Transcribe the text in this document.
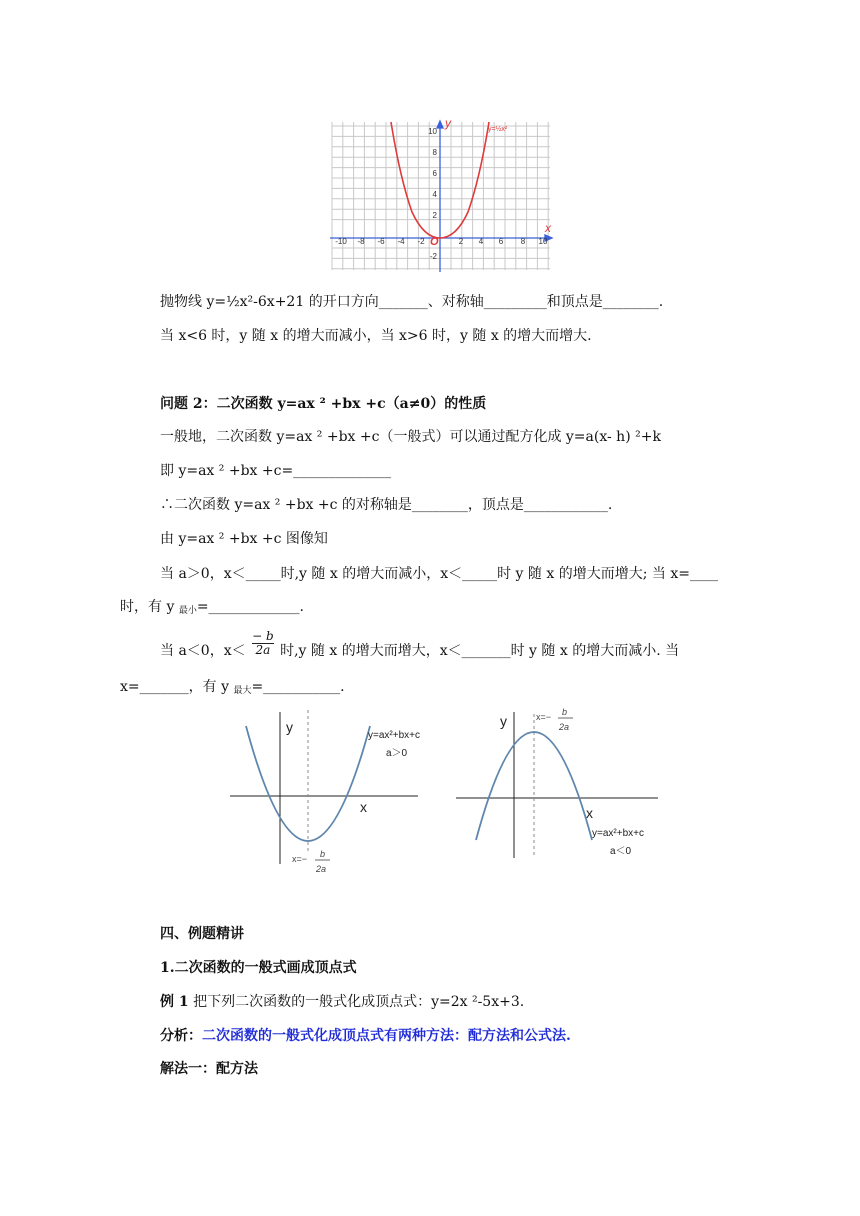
x
y
O
-10 -8 -6 -4 -2	2 4 6 8 10
10
8
6
4
2
-2
y=½x²
抛物线 y=½x²-6x+21 的开口方向_______、对称轴_________和顶点是________.
当 x<6 时，y 随 x 的增大而减小，当 x>6 时，y 随 x 的增大而增大.
问题 2：二次函数 y=ax ² +bx +c（a≠0）的性质
一般地，二次函数 y=ax ² +bx +c（一般式）可以通过配方化成 y=a(x- h) ²+k
即 y=ax ² +bx +c=______________
∴二次函数 y=ax ² +bx +c 的对称轴是________，顶点是____________.
由 y=ax ² +bx +c 图像知
当 a＞0，x＜_____时,y 随 x 的增大而减小，x＜_____时 y 随 x 的增大而增大; 当 x=____
时，有 y $_{最小}$=_____________.
当 a＜0，$x< \frac{- b}{2a}$ 时,y 随 x 的增大而增大，x＜_______时 y 随 x 的增大而减小. 当
x=_______，有 y $_{最大}$=___________.
y
x
y=ax²+bx+c
a＞0
x=− b
2a
y
x
y=ax²+bx+c
a＜0
x=− b
2a
四、例题精讲
1.二次函数的一般式画成顶点式
例 1 把下列二次函数的一般式化成顶点式：y=2x ²-5x+3.
分析：二次函数的一般式化成顶点式有两种方法：配方法和公式法.
解法一：配方法
